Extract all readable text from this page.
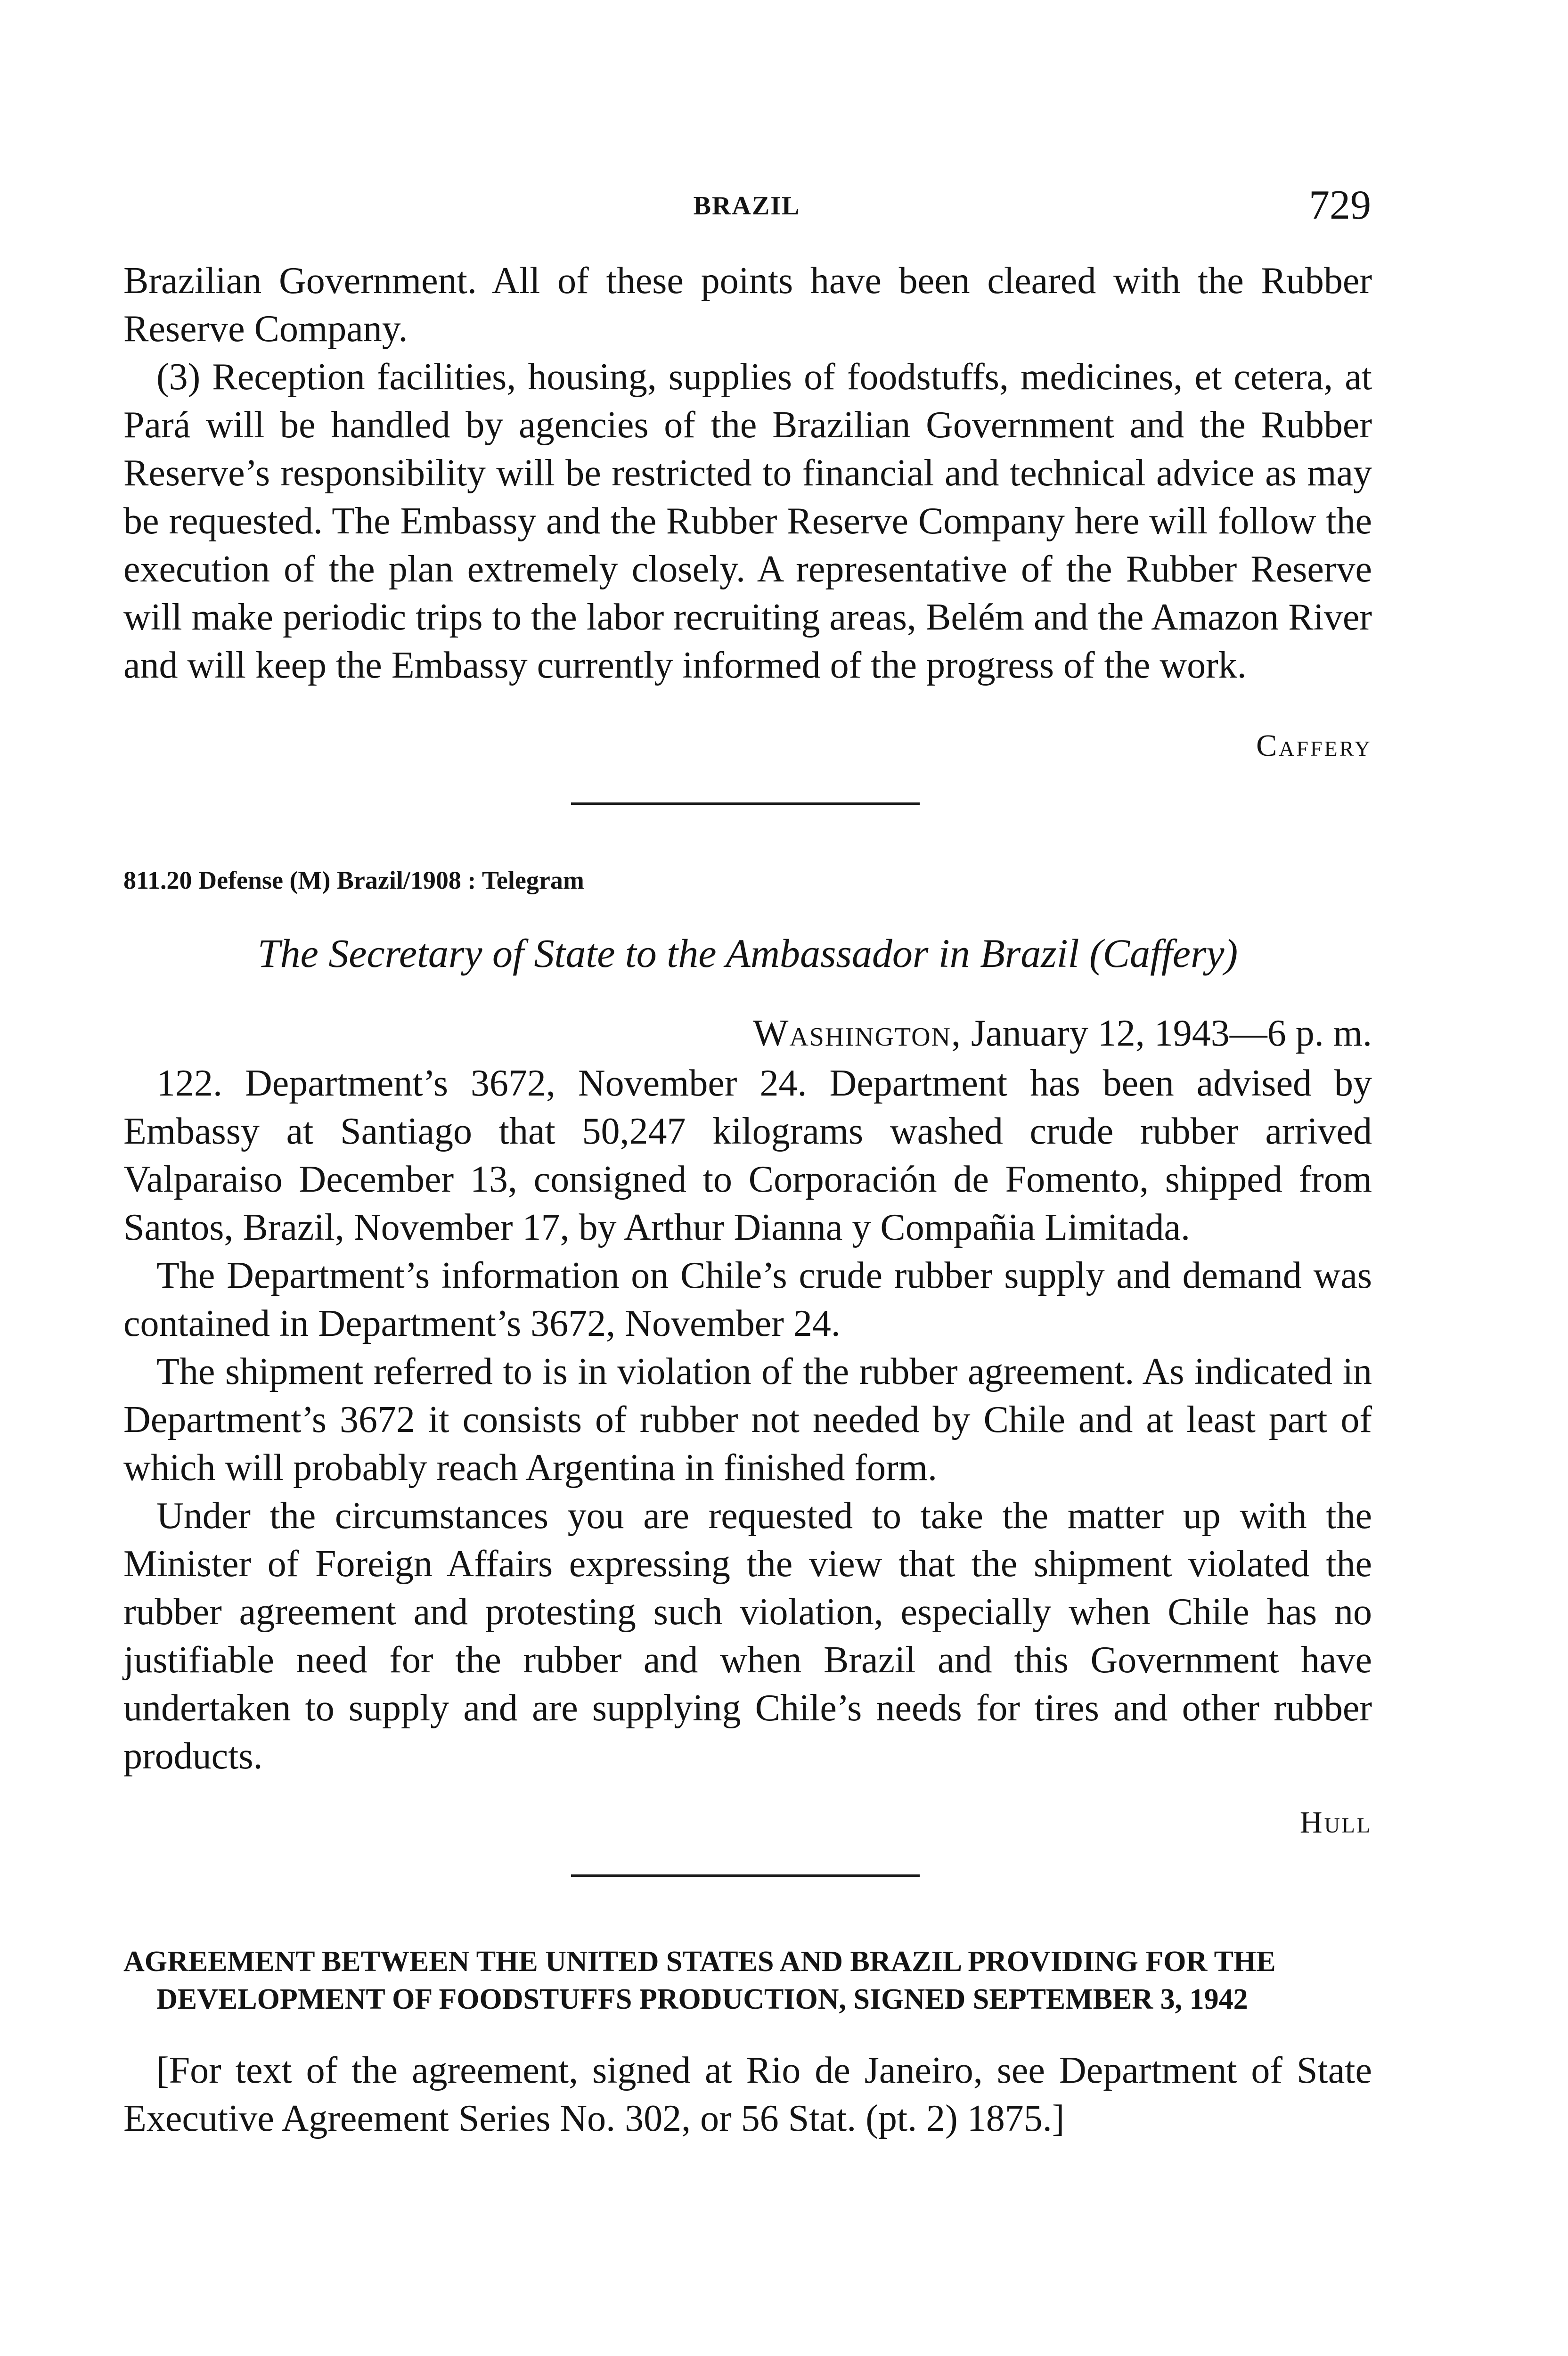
BRAZIL	729

Brazilian Government. All of these points have been cleared with the Rubber Reserve Company.

(3) Reception facilities, housing, supplies of foodstuffs, medicines, et cetera, at Pará will be handled by agencies of the Brazilian Government and the Rubber Reserve’s responsibility will be restricted to financial and technical advice as may be requested. The Embassy and the Rubber Reserve Company here will follow the execution of the plan extremely closely. A representative of the Rubber Reserve will make periodic trips to the labor recruiting areas, Belém and the Amazon River and will keep the Embassy currently informed of the progress of the work.

Caffery

811.20 Defense (M) Brazil/1908 : Telegram

The Secretary of State to the Ambassador in Brazil (Caffery)

Washington, January 12, 1943—6 p. m.

122. Department’s 3672, November 24. Department has been advised by Embassy at Santiago that 50,247 kilograms washed crude rubber arrived Valparaiso December 13, consigned to Corporación de Fomento, shipped from Santos, Brazil, November 17, by Arthur Dianna y Compañia Limitada.

The Department’s information on Chile’s crude rubber supply and demand was contained in Department’s 3672, November 24.

The shipment referred to is in violation of the rubber agreement. As indicated in Department’s 3672 it consists of rubber not needed by Chile and at least part of which will probably reach Argentina in finished form.

Under the circumstances you are requested to take the matter up with the Minister of Foreign Affairs expressing the view that the shipment violated the rubber agreement and protesting such violation, especially when Chile has no justifiable need for the rubber and when Brazil and this Government have undertaken to supply and are supplying Chile’s needs for tires and other rubber products.

Hull

AGREEMENT BETWEEN THE UNITED STATES AND BRAZIL PROVIDING FOR THE DEVELOPMENT OF FOODSTUFFS PRODUCTION, SIGNED SEPTEMBER 3, 1942

[For text of the agreement, signed at Rio de Janeiro, see Department of State Executive Agreement Series No. 302, or 56 Stat. (pt. 2) 1875.]
